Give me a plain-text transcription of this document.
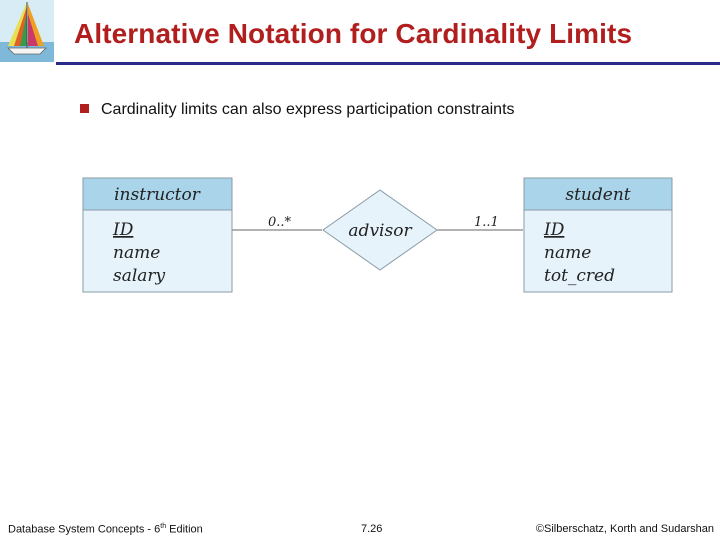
Alternative Notation for Cardinality Limits
Cardinality limits can also express participation constraints
instructor
ID
name
salary
advisor
0..*	1..1
student
ID
name
tot_cred
Database System Concepts - 6th Edition	7.26	©Silberschatz, Korth and Sudarshan
